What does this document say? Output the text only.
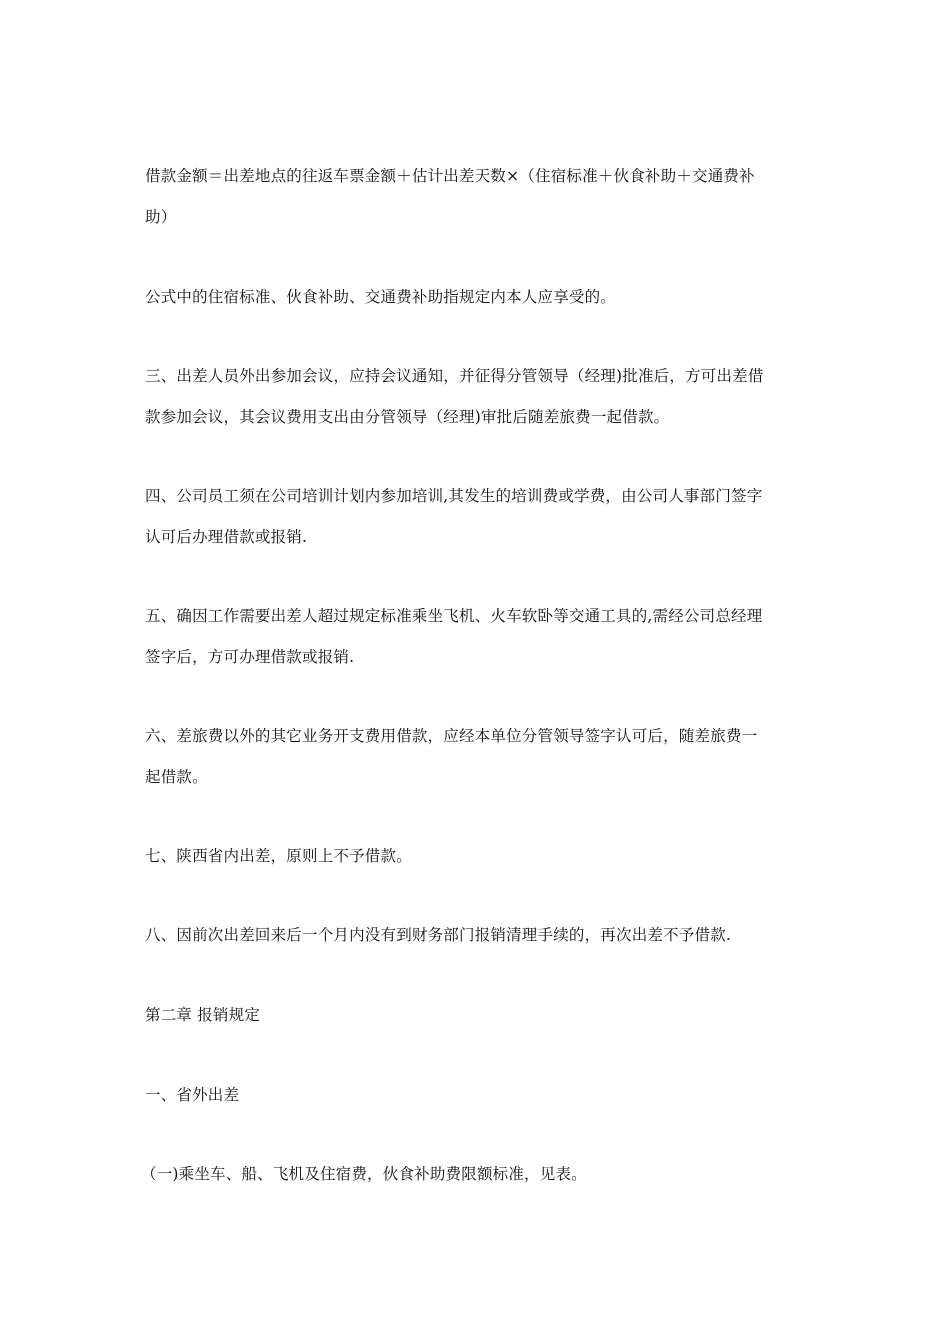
借款金额＝出差地点的往返车票金额＋估计出差天数×（住宿标准＋伙食补助＋交通费补
助）

公式中的住宿标准、伙食补助、交通费补助指规定内本人应享受的。

三、出差人员外出参加会议，应持会议通知，并征得分管领导（经理)批准后，方可出差借
款参加会议，其会议费用支出由分管领导（经理)审批后随差旅费一起借款。

四、公司员工须在公司培训计划内参加培训,其发生的培训费或学费，由公司人事部门签字
认可后办理借款或报销.

五、确因工作需要出差人超过规定标准乘坐飞机、火车软卧等交通工具的,需经公司总经理
签字后，方可办理借款或报销.

六、差旅费以外的其它业务开支费用借款，应经本单位分管领导签字认可后，随差旅费一
起借款。

七、陕西省内出差，原则上不予借款。

八、因前次出差回来后一个月内没有到财务部门报销清理手续的，再次出差不予借款.

第二章 报销规定

一、省外出差

（一)乘坐车、船、飞机及住宿费，伙食补助费限额标准，见表。
